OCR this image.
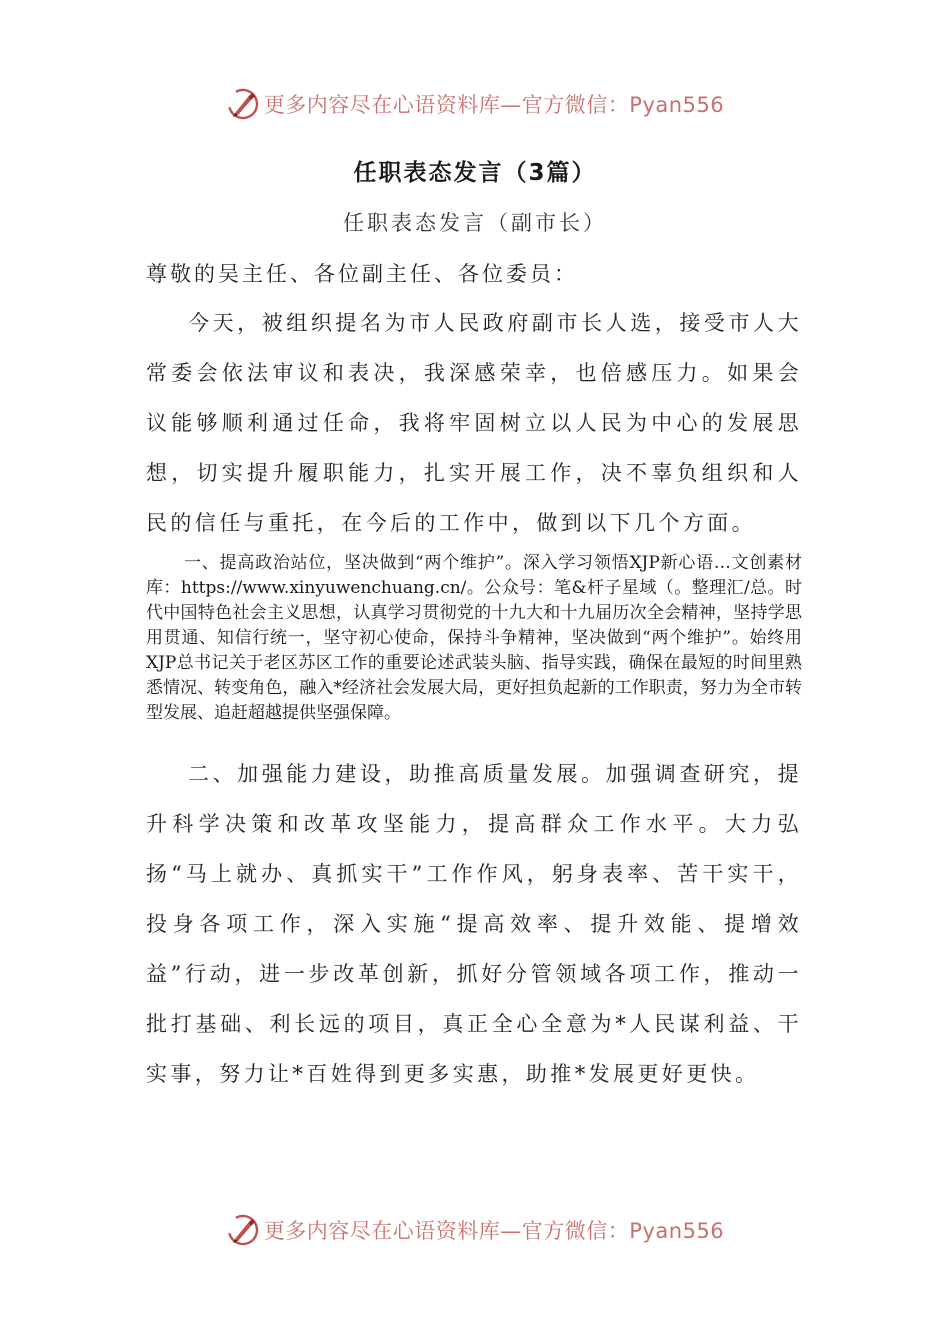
更多内容尽在心语资料库—官方微信：Pyan556
任职表态发言（3篇）
任职表态发言（副市长）
尊敬的吴主任、各位副主任、各位委员：

今天，被组织提名为市人民政府副市长人选，接受市人大常委会依法审议和表决，我深感荣幸，也倍感压力。如果会议能够顺利通过任命，我将牢固树立以人民为中心的发展思想，切实提升履职能力，扎实开展工作，决不辜负组织和人民的信任与重托，在今后的工作中，做到以下几个方面。

一、提高政治站位，坚决做到“两个维护”。深入学习领悟XJP新心语…文创素材库：https://www.xinyuwenchuang.cn/。公众号：笔&杆子星域（。整理汇/总。时代中国特色社会主义思想，认真学习贯彻党的十九大和十九届历次全会精神，坚持学思用贯通、知信行统一，坚守初心使命，保持斗争精神，坚决做到“两个维护”。始终用XJP总书记关于老区苏区工作的重要论述武装头脑、指导实践，确保在最短的时间里熟悉情况、转变角色，融入*经济社会发展大局，更好担负起新的工作职责，努力为全市转型发展、追赶超越提供坚强保障。

二、加强能力建设，助推高质量发展。加强调查研究，提升科学决策和改革攻坚能力，提高群众工作水平。大力弘扬“马上就办、真抓实干”工作作风，躬身表率、苦干实干，投身各项工作，深入实施“提高效率、提升效能、提增效益”行动，进一步改革创新，抓好分管领域各项工作，推动一批打基础、利长远的项目，真正全心全意为*人民谋利益、干实事，努力让*百姓得到更多实惠，助推*发展更好更快。

更多内容尽在心语资料库—官方微信：Pyan556
